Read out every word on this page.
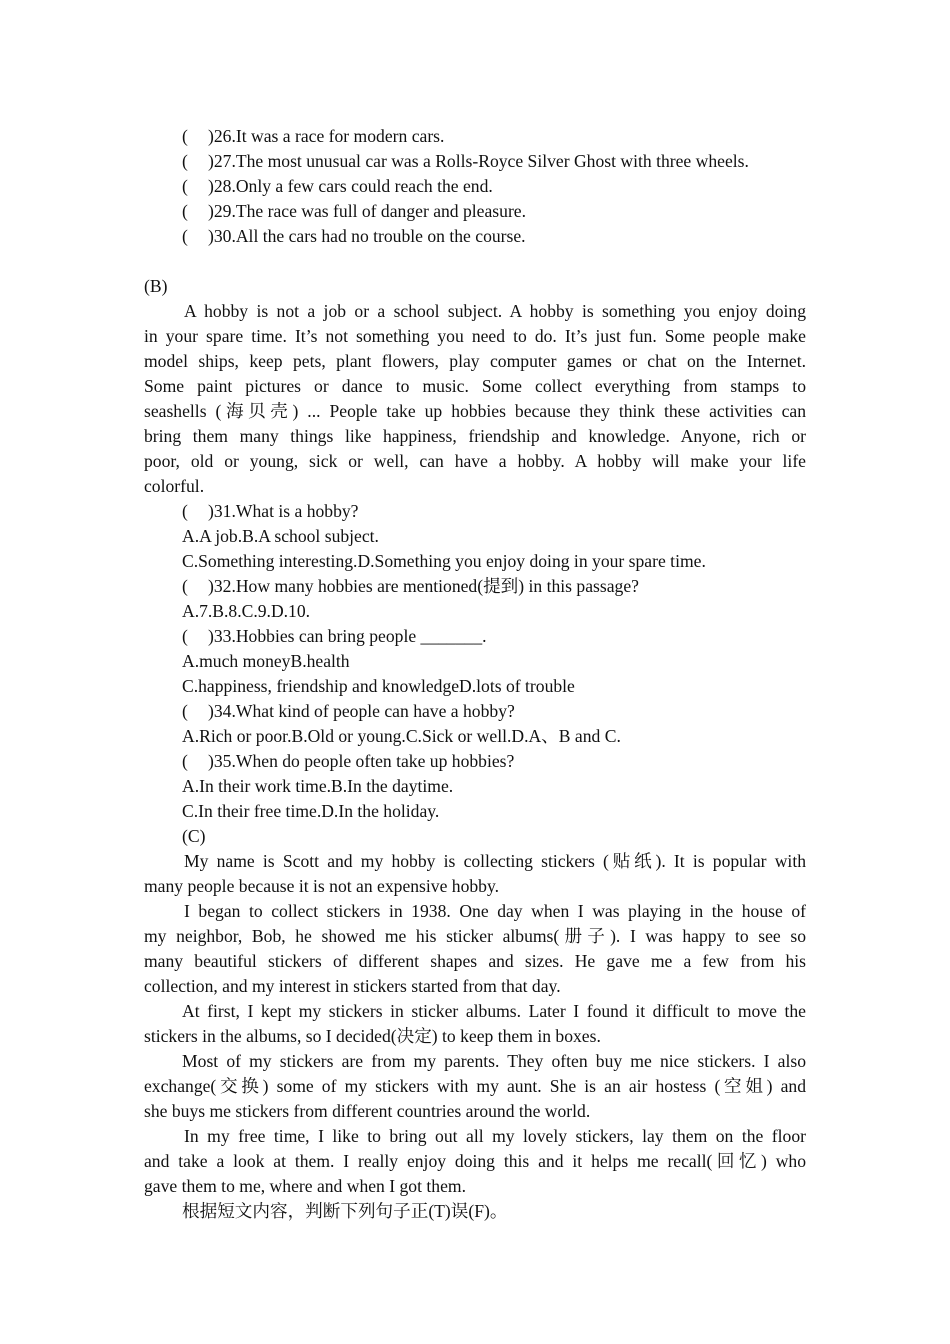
( )26.It was a race for modern cars.
( )27.The most unusual car was a Rolls-Royce Silver Ghost with three wheels.
( )28.Only a few cars could reach the end.
( )29.The race was full of danger and pleasure.
( )30.All the cars had no trouble on the course.
(B)
A hobby is not a job or a school subject. A hobby is something you enjoy doing
in your spare time. It’s not something you need to do. It’s just fun. Some people make
model ships, keep pets, plant flowers, play computer games or chat on the Internet.
Some paint pictures or dance to music. Some collect everything from stamps to
seashells (海贝壳) ... People take up hobbies because they think these activities can
bring them many things like happiness, friendship and knowledge. Anyone, rich or
poor, old or young, sick or well, can have a hobby. A hobby will make your life
colorful.
( )31.What is a hobby?
A.A job.B.A school subject.
C.Something interesting.D.Something you enjoy doing in your spare time.
( )32.How many hobbies are mentioned(提到) in this passage?
A.7.B.8.C.9.D.10.
( )33.Hobbies can bring people _______.
A.much moneyB.health
C.happiness, friendship and knowledgeD.lots of trouble
( )34.What kind of people can have a hobby?
A.Rich or poor.B.Old or young.C.Sick or well.D.A、B and C.
( )35.When do people often take up hobbies?
A.In their work time.B.In the daytime.
C.In their free time.D.In the holiday.
(C)
My name is Scott and my hobby is collecting stickers (贴纸). It is popular with
many people because it is not an expensive hobby.
I began to collect stickers in 1938. One day when I was playing in the house of
my neighbor, Bob, he showed me his sticker albums(册子). I was happy to see so
many beautiful stickers of different shapes and sizes. He gave me a few from his
collection, and my interest in stickers started from that day.
At first, I kept my stickers in sticker albums. Later I found it difficult to move the
stickers in the albums, so I decided(决定) to keep them in boxes.
Most of my stickers are from my parents. They often buy me nice stickers. I also
exchange(交换) some of my stickers with my aunt. She is an air hostess (空姐) and
she buys me stickers from different countries around the world.
In my free time, I like to bring out all my lovely stickers, lay them on the floor
and take a look at them. I really enjoy doing this and it helps me recall(回忆) who
gave them to me, where and when I got them.
根据短文内容，判断下列句子正(T)误(F)。
